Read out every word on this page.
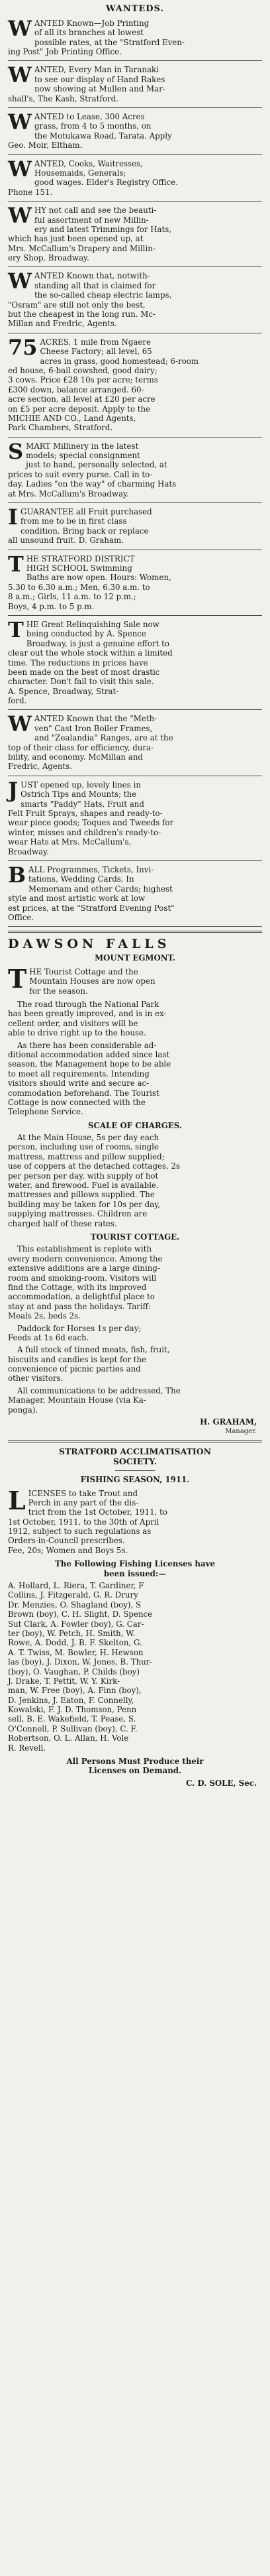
WANTEDS.
W ANTED Known—Job Printing
of all its branches at lowest
possible rates, at the "Stratford Even-
ing Post" Job Printing Office.
W ANTED, Every Man in Taranaki
to see our display of Hand Rakes
now showing at Mullen and Mar-
shall's, The Kash, Stratford.
W ANTED to Lease, 300 Acres
grass, from 4 to 5 months, on
the Motukawa Road, Tarata. Apply
Geo. Moir, Eltham.
W ANTED, Cooks, Waitresses,
Housemaids, Generals;
good wages. Elder's Registry Office.
Phone 151.
W HY not call and see the beauti-
ful assortment of new Millin-
ery and latest Trimmings for Hats,
which has just been opened up, at
Mrs. McCallum's Drapery and Millin-
ery Shop, Broadway.
W ANTED Known that, notwith-
standing all that is claimed for
the so-called cheap electric lamps,
"Osram" are still not only the best,
but the cheapest in the long run. Mc-
Millan and Fredric, Agents.
75 ACRES, 1 mile from Ngaere
Cheese Factory; all level, 65
acres in grass, good homestead; 6-room
ed house, 6-bail cowshed, good dairy;
3 cows. Price £28 10s per acre; terms
£300 down, balance arranged. 60-
acre section, all level at £20 per acre
on £5 per acre deposit. Apply to the
MICHIE AND CO., Land Agents,
Park Chambers, Stratford.
S MART Millinery in the latest
models; special consignment
just to hand, personally selected, at
prices to suit every purse. Call in to-
day. Ladies "on the way" of charming Hats
at Mrs. McCallum's Broadway.
I GUARANTEE all Fruit purchased
from me to be in first class
condition. Bring back or replace
all unsound fruit. D. Graham.
T HE STRATFORD DISTRICT
HIGH SCHOOL Swimming
Baths are now open. Hours: Women,
5.30 to 6.30 a.m.; Men, 6.30 a.m. to
8 a.m.; Girls, 11 a.m. to 12 p.m.;
Boys, 4 p.m. to 5 p.m.
T HE Great Relinquishing Sale now
being conducted by A. Spence
Broadway, is just a genuine effort to
clear out the whole stock within a limited
time. The reductions in prices have
been made on the best of most drastic
character. Don't fail to visit this sale.
A. Spence, Broadway, Strat-
ford.
W ANTED Known that the "Meth-
ven" Cast Iron Boiler Frames,
and "Zealandia" Ranges, are at the
top of their class for efficiency, dura-
bility, and economy. McMillan and
Fredric, Agents.
J UST opened up, lovely lines in
Ostrich Tips and Mounts; the
smarts "Paddy" Hats, Fruit and
Felt Fruit Sprays, shapes and ready-to-
wear piece goods; Toques and Tweeds for
winter, misses and children's ready-to-
wear Hats at Mrs. McCallum's,
Broadway.
B ALL Programmes, Tickets, Invi-
tations, Wedding Cards, In
Memoriam and other Cards; highest
style and most artistic work at low
est prices, at the "Stratford Evening Post"
Office.
DAWSON FALLS
MOUNT EGMONT.
T HE Tourist Cottage and the
Mountain Houses are now open
for the season.
The road through the National Park
has been greatly improved, and is in ex-
cellent order, and visitors will be
able to drive right up to the house.
As there has been considerable ad-
ditional accommodation added since last
season, the Management hope to be able
to meet all requirements. Intending
visitors should write and secure ac-
commodation beforehand. The Tourist
Cottage is now connected with the
Telephone Service.
SCALE OF CHARGES.
At the Main House, 5s per day each
person, including use of rooms, single
mattress, mattress and pillow supplied;
use of coppers at the detached cottages, 2s
per person per day, with supply of hot
water, and firewood. Fuel is available.
mattresses and pillows supplied. The
building may be taken for 10s per day,
supplying mattresses. Children are
charged half of these rates.
TOURIST COTTAGE.
This establishment is replete with
every modern convenience. Among the
extensive additions are a large dining-
room and smoking-room. Visitors will
find the Cottage, with its improved
accommodation, a delightful place to
stay at and pass the holidays. Tariff:
Meals 2s, beds 2s.
Paddock for Horses 1s per day;
Feeds at 1s 6d each.
A full stock of tinned meats, fish, fruit,
biscuits and candies is kept for the
convenience of picnic parties and
other visitors.
All communications to be addressed, The
Manager, Mountain House (via Ka-
ponga).
H. GRAHAM,
Manager.
STRATFORD ACCLIMATISATION
SOCIETY.
FISHING SEASON, 1911.
L ICENSES to take Trout and
Perch in any part of the dis-
trict from the 1st October, 1911, to
1st October, 1911, to the 30th of April
1912, subject to such regulations as
Orders-in-Council prescribes.
Fee, 20s; Women and Boys 5s.
The Following Fishing Licenses have
been issued:—
A. Hollard, L. Riera, T. Gardiner, F
Collins, J. Fitzgerald, G. R. Drury
Dr. Menzies, O. Shagland (boy), S
Brown (boy), C. H. Slight, D. Spence
Sut Clark, A. Fowler (boy), G. Car-
ter (boy), W. Petch, H. Smith, W.
Rowe, A. Dodd, J. B. F. Skelton, G.
A. T. Twiss, M. Bowler, H. Hewson
las (boy), J. Dixon, W. Jones, B. Thur-
(boy), O. Vaughan, P. Childs (boy)
J. Drake, T. Pettit, W. Y. Kirk-
man, W. Free (boy), A. Finn (boy),
D. Jenkins, J. Eaton, F. Connelly,
Kowalski, F. J. D. Thomson, Penn
sell, B. E. Wakefield, T. Pease, S.
O'Connell, P. Sullivan (boy), C. F.
Robertson, O. L. Allan, H. Vole
R. Revell.
All Persons Must Produce their
Licenses on Demand.
C. D. SOLE, Sec.
